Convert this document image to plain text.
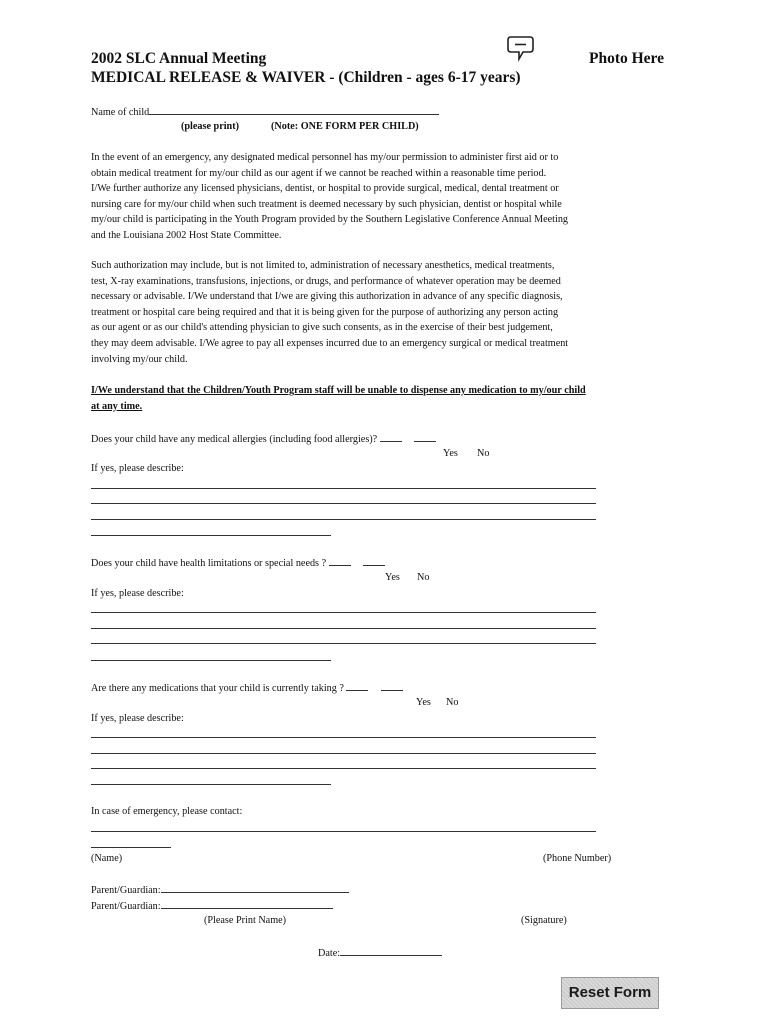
2002 SLC Annual Meeting
MEDICAL RELEASE & WAIVER - (Children - ages 6-17 years)
Photo Here
Name of child
(please print)	(Note: ONE FORM PER CHILD)
In the event of an emergency, any designated medical personnel has my/our permission to administer first aid or to
obtain medical treatment for my/our child as our agent if we cannot be reached within a reasonable time period.
I/We further authorize any licensed physicians, dentist, or hospital to provide surgical, medical, dental treatment or
nursing care for my/our child when such treatment is deemed necessary by such physician, dentist or hospital while
my/our child is participating in the Youth Program provided by the Southern Legislative Conference Annual Meeting
and the Louisiana 2002 Host State Committee.
Such authorization may include, but is not limited to, administration of necessary anesthetics, medical treatments,
test, X-ray examinations, transfusions, injections, or drugs, and performance of whatever operation may be deemed
necessary or advisable. I/We understand that I/we are giving this authorization in advance of any specific diagnosis,
treatment or hospital care being required and that it is being given for the purpose of authorizing any person acting
as our agent or as our child's attending physician to give such consents, as in the exercise of their best judgement,
they may deem advisable. I/We agree to pay all expenses incurred due to an emergency surgical or medical treatment
involving my/our child.
I/We understand that the Children/Youth Program staff will be unable to dispense any medication to my/our child
at any time.
Does your child have any medical allergies (including food allergies)?
Yes No
If yes, please describe:
Does your child have health limitations or special needs ?
Yes No
If yes, please describe:
Are there any medications that your child is currently taking ?
Yes No
If yes, please describe:
In case of emergency, please contact:
(Name)	(Phone Number)
Parent/Guardian:
Parent/Guardian:
(Please Print Name)	(Signature)
Date:
Reset Form
